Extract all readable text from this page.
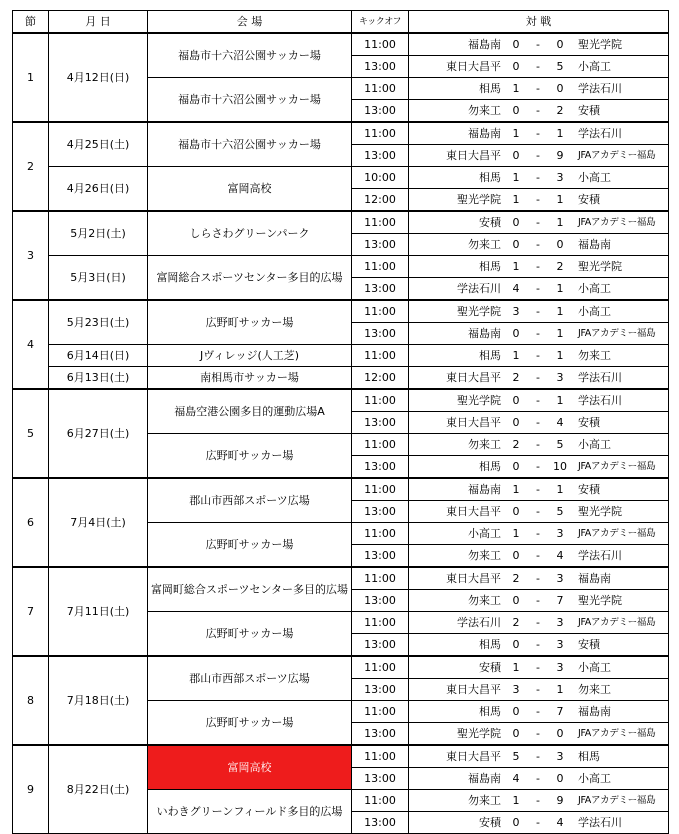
節	月 日	会 場	キックオフ	対 戦
1	4月12日(日)	福島市十六沼公園サッカー場	11:00	福島南 0 - 0 聖光学院

			13:00	東日大昌平 0 - 5 小高工

		福島市十六沼公園サッカー場	11:00	相馬 1 - 0 学法石川

			13:00	勿来工 0 - 2 安積

2	4月25日(土)	福島市十六沼公園サッカー場	11:00	福島南 1 - 1 学法石川

			13:00	東日大昌平 0 - 9 JFAアカデミー福島

	4月26日(日)	富岡高校	10:00	相馬 1 - 3 小高工

			12:00	聖光学院 1 - 1 安積

3	5月2日(土)	しらさわグリーンパーク	11:00	安積 0 - 1 JFAアカデミー福島

			13:00	勿来工 0 - 0 福島南

	5月3日(日)	富岡総合スポーツセンター多目的広場	11:00	相馬 1 - 2 聖光学院

			13:00	学法石川 4 - 1 小高工

4	5月23日(土)	広野町サッカー場	11:00	聖光学院 3 - 1 小高工

			13:00	福島南 0 - 1 JFAアカデミー福島

	6月14日(日)	Jヴィレッジ(人工芝)	11:00	相馬 1 - 1 勿来工

	6月13日(土)	南相馬市サッカー場	12:00	東日大昌平 2 - 3 学法石川

5	6月27日(土)	福島空港公園多目的運動広場A	11:00	聖光学院 0 - 1 学法石川

			13:00	東日大昌平 0 - 4 安積

		広野町サッカー場	11:00	勿来工 2 - 5 小高工

			13:00	相馬 0 - 10 JFAアカデミー福島

6	7月4日(土)	郡山市西部スポーツ広場	11:00	福島南 1 - 1 安積

			13:00	東日大昌平 0 - 5 聖光学院

		広野町サッカー場	11:00	小高工 1 - 3 JFAアカデミー福島

			13:00	勿来工 0 - 4 学法石川

7	7月11日(土)	富岡町総合スポーツセンター多目的広場	11:00	東日大昌平 2 - 3 福島南

			13:00	勿来工 0 - 7 聖光学院

		広野町サッカー場	11:00	学法石川 2 - 3 JFAアカデミー福島

			13:00	相馬 0 - 3 安積

8	7月18日(土)	郡山市西部スポーツ広場	11:00	安積 1 - 3 小高工

			13:00	東日大昌平 3 - 1 勿来工

		広野町サッカー場	11:00	相馬 0 - 7 福島南

			13:00	聖光学院 0 - 0 JFAアカデミー福島

9	8月22日(土)	富岡高校	11:00	東日大昌平 5 - 3 相馬

			13:00	福島南 4 - 0 小高工

		いわきグリーンフィールド多目的広場	11:00	勿来工 1 - 9 JFAアカデミー福島

			13:00	安積 0 - 4 学法石川
